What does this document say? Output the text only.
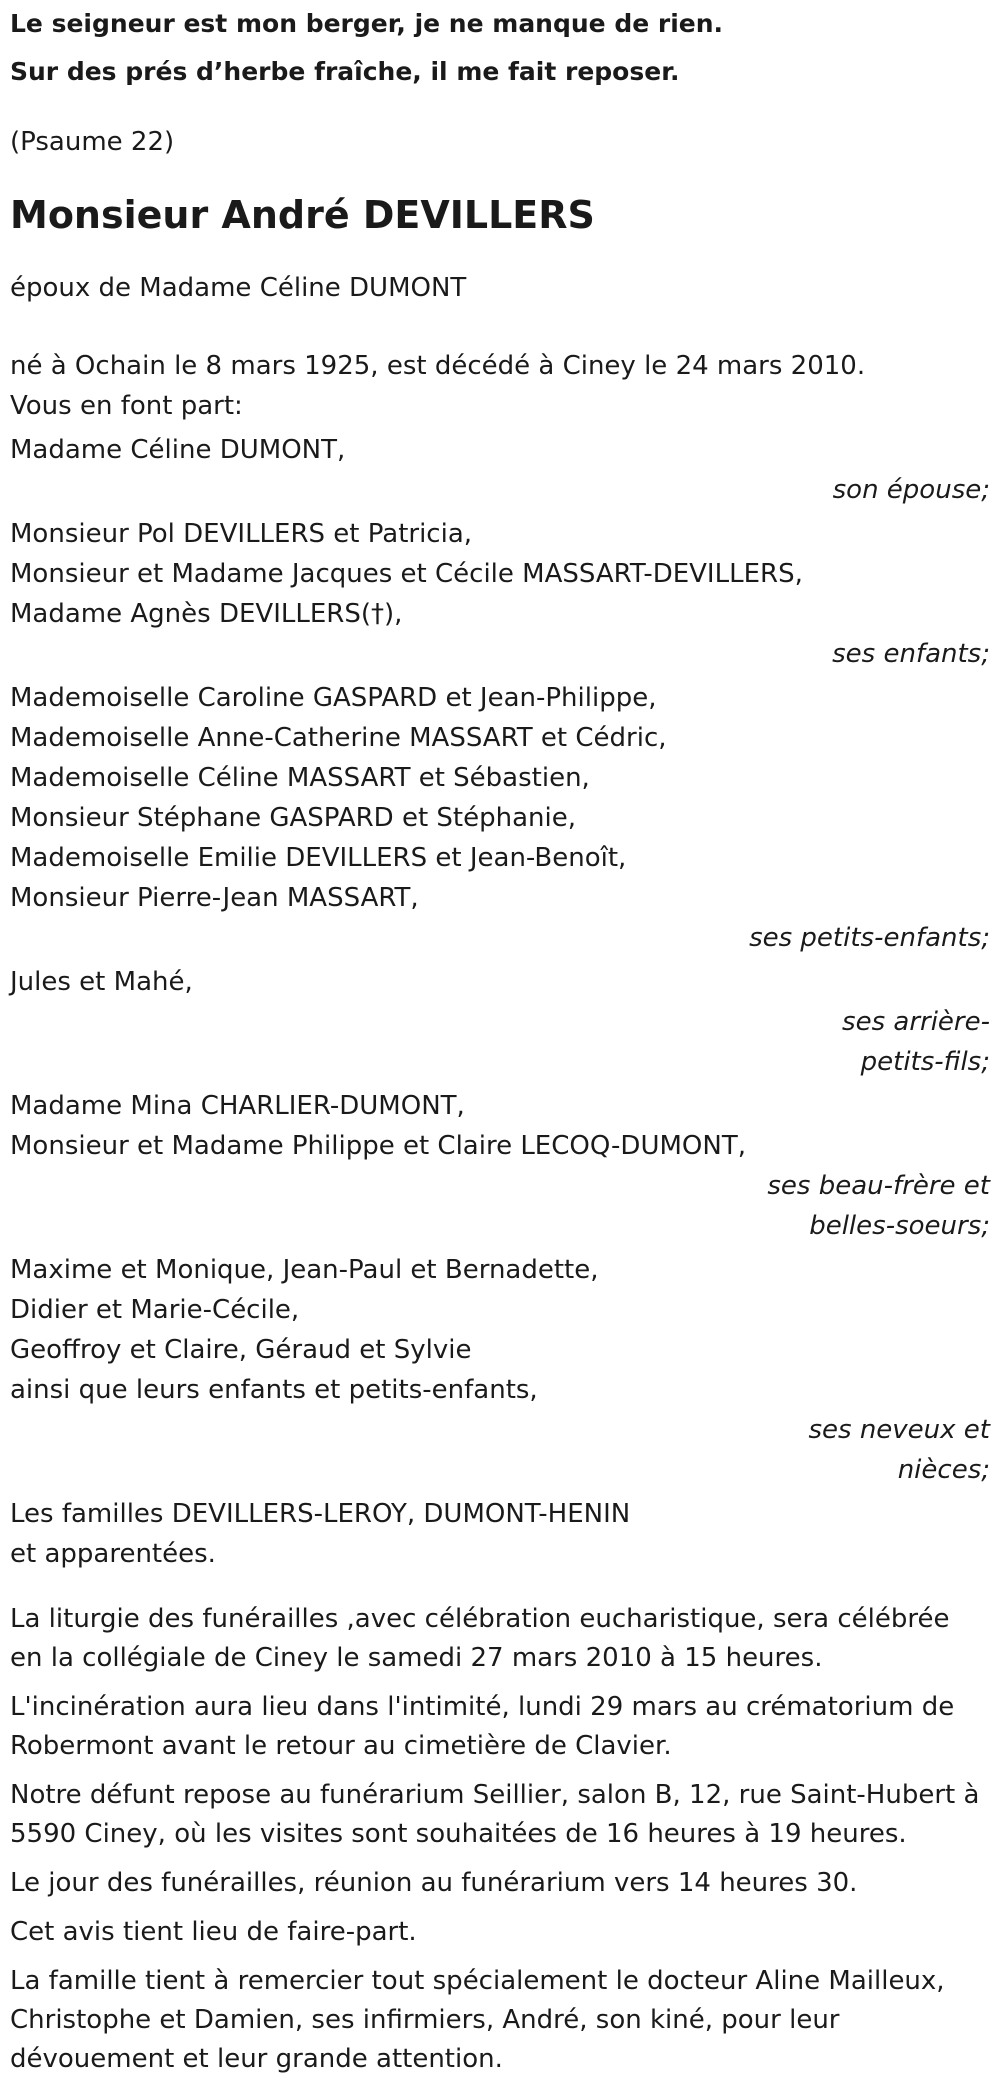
Le seigneur est mon berger, je ne manque de rien.
Sur des prés d’herbe fraîche, il me fait reposer.
(Psaume 22)
Monsieur André DEVILLERS
époux de Madame Céline DUMONT
né à Ochain le 8 mars 1925, est décédé à Ciney le 24 mars 2010.
Vous en font part:
Madame Céline DUMONT,
son épouse;
Monsieur Pol DEVILLERS et Patricia,
Monsieur et Madame Jacques et Cécile MASSART-DEVILLERS,
Madame Agnès DEVILLERS(†),
ses enfants;
Mademoiselle Caroline GASPARD et Jean-Philippe,
Mademoiselle Anne-Catherine MASSART et Cédric,
Mademoiselle Céline MASSART et Sébastien,
Monsieur Stéphane GASPARD et Stéphanie,
Mademoiselle Emilie DEVILLERS et Jean-Benoît,
Monsieur Pierre-Jean MASSART,
ses petits-enfants;
Jules et Mahé,
ses arrière-
petits-fils;
Madame Mina CHARLIER-DUMONT,
Monsieur et Madame Philippe et Claire LECOQ-DUMONT,
ses beau-frère et
belles-soeurs;
Maxime et Monique, Jean-Paul et Bernadette,
Didier et Marie-Cécile,
Geoffroy et Claire, Géraud et Sylvie
ainsi que leurs enfants et petits-enfants,
ses neveux et
nièces;
Les familles DEVILLERS-LEROY, DUMONT-HENIN
et apparentées.
La liturgie des funérailles ,avec célébration eucharistique, sera célébrée en la collégiale de Ciney le samedi 27 mars 2010 à 15 heures.
L'incinération aura lieu dans l'intimité, lundi 29 mars au crématorium de Robermont avant le retour au cimetière de Clavier.
Notre défunt repose au funérarium Seillier, salon B, 12, rue Saint-Hubert à 5590 Ciney, où les visites sont souhaitées de 16 heures à 19 heures.
Le jour des funérailles, réunion au funérarium vers 14 heures 30.
Cet avis tient lieu de faire-part.
La famille tient à remercier tout spécialement le docteur Aline Mailleux, Christophe et Damien, ses infirmiers, André, son kiné, pour leur dévouement et leur grande attention.
